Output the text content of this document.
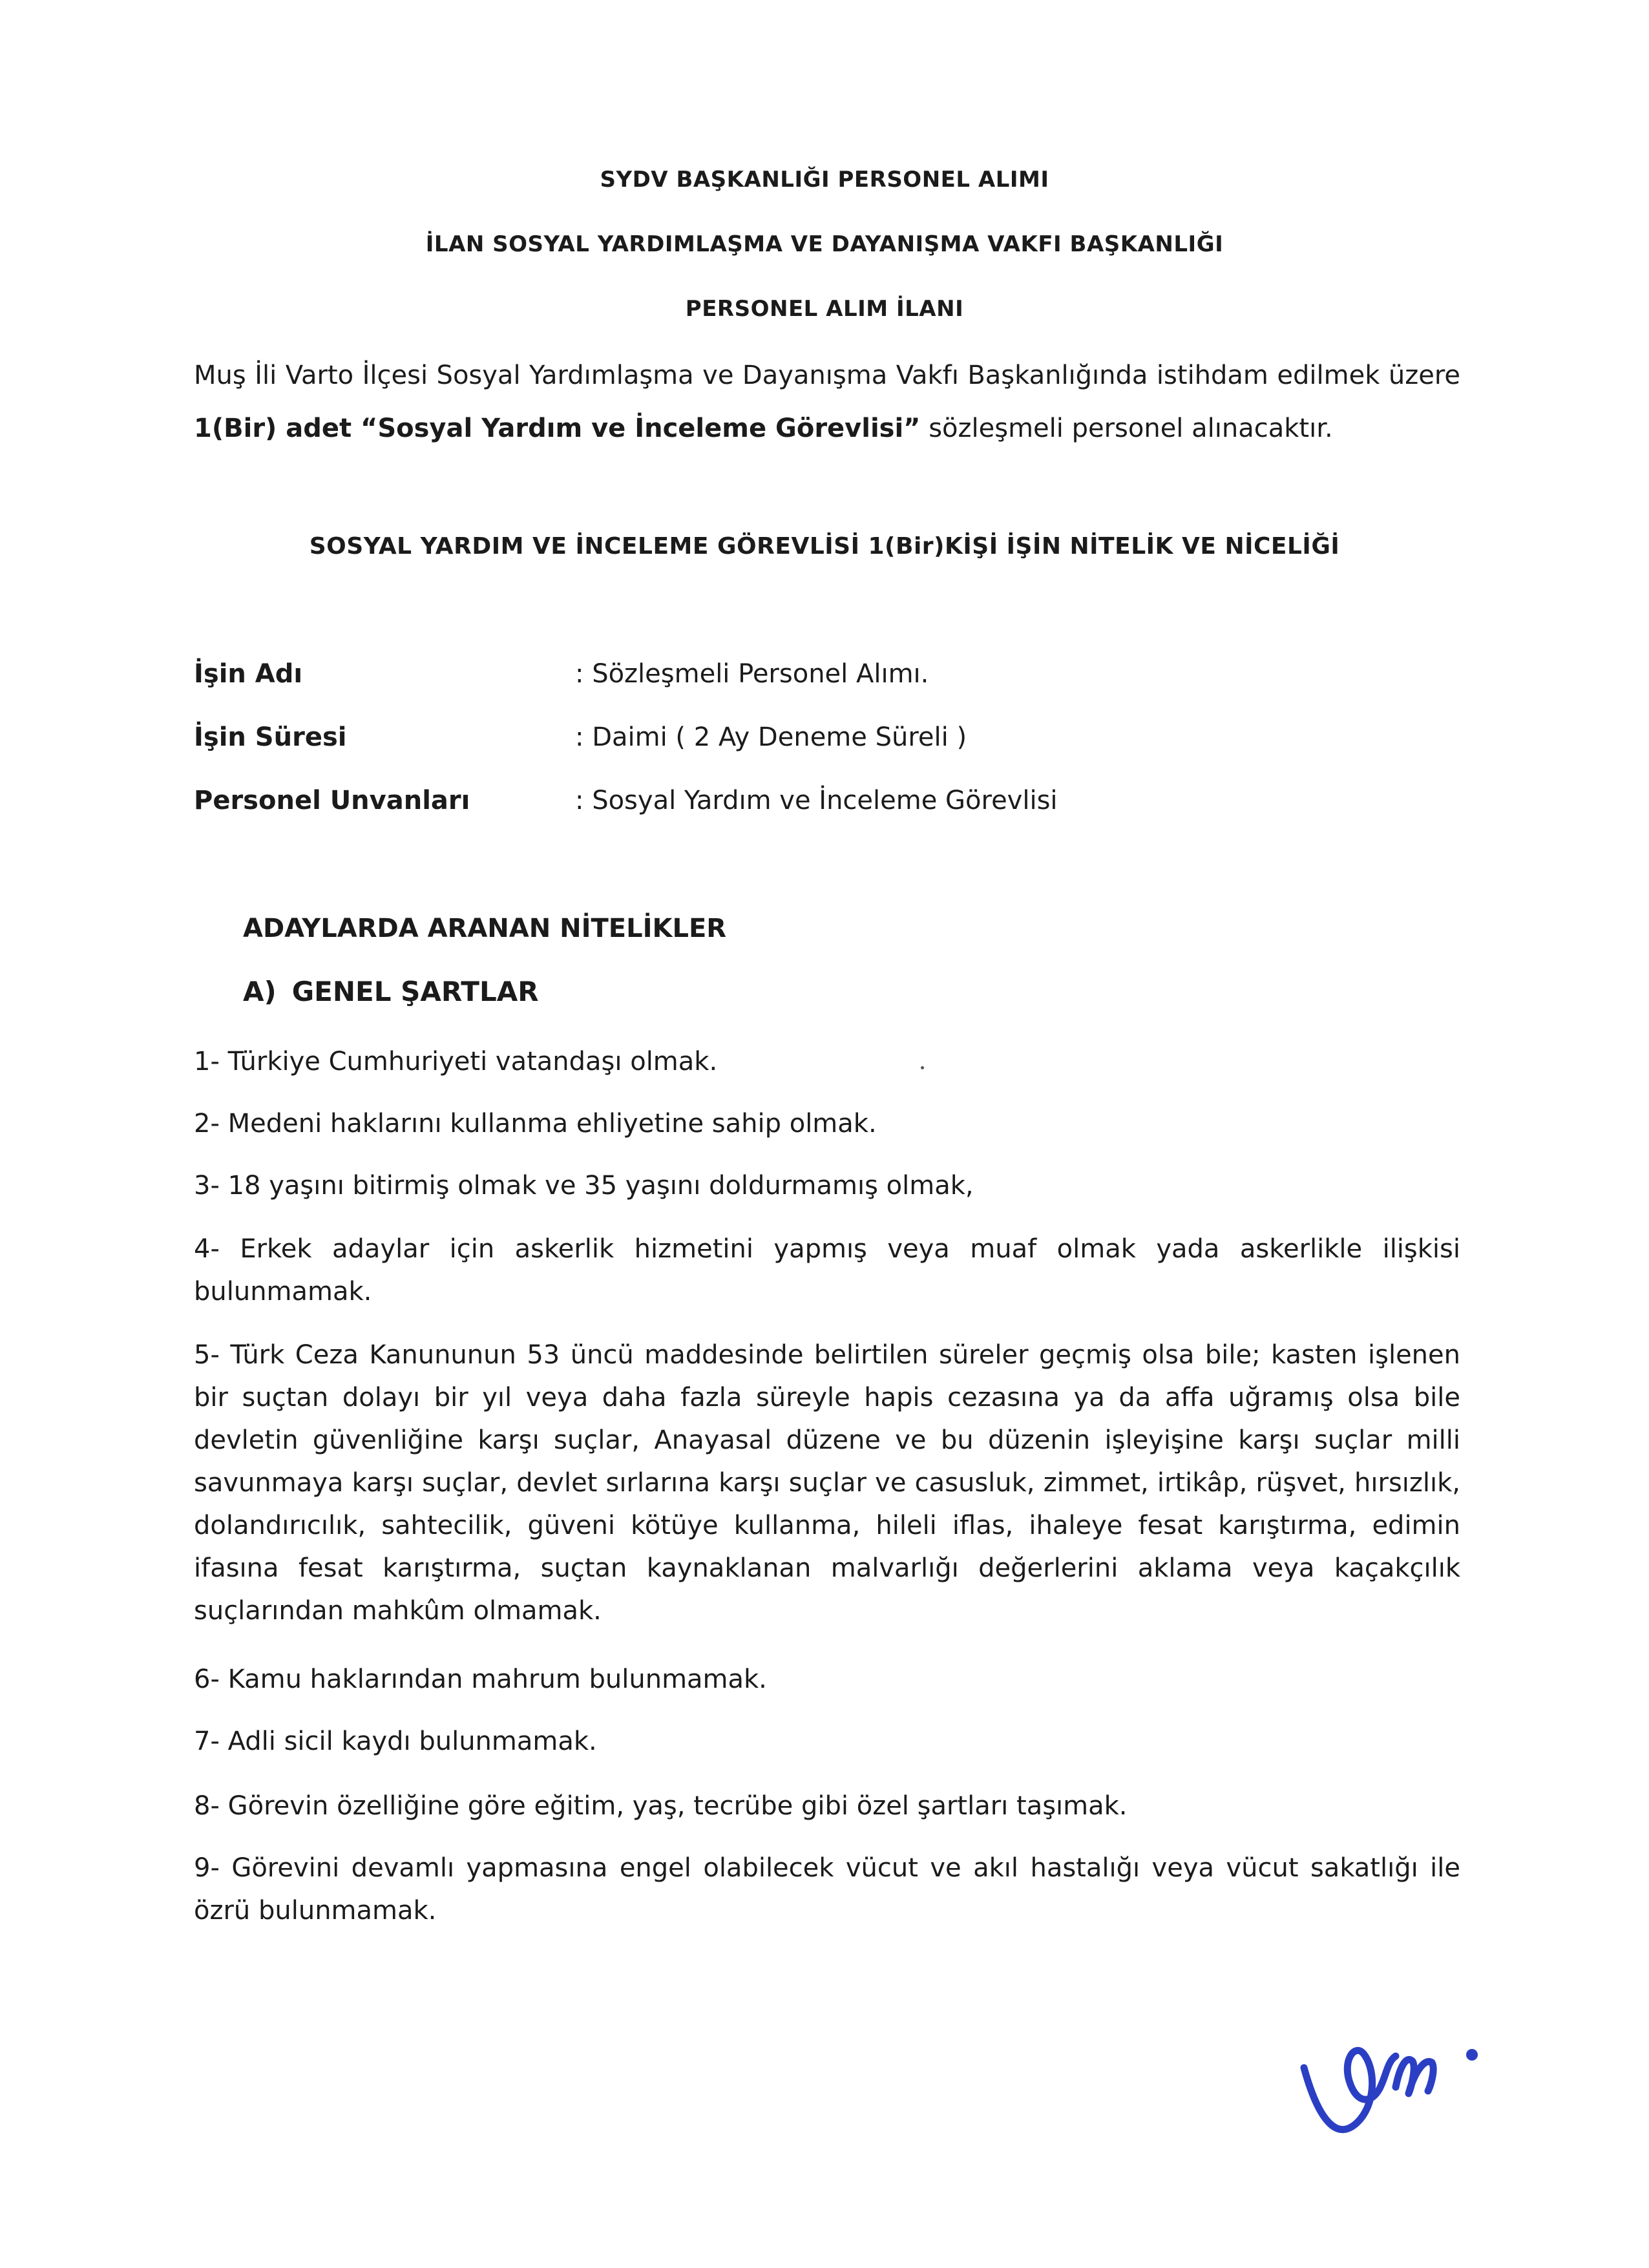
SYDV BAŞKANLIĞI PERSONEL ALIMI
İLAN SOSYAL YARDIMLAŞMA VE DAYANIŞMA VAKFI BAŞKANLIĞI
PERSONEL ALIM İLANI

Muş İli Varto İlçesi Sosyal Yardımlaşma ve Dayanışma Vakfı Başkanlığında istihdam edilmek üzere 1(Bir) adet “Sosyal Yardım ve İnceleme Görevlisi” sözleşmeli personel alınacaktır.

SOSYAL YARDIM VE İNCELEME GÖREVLİSİ 1(Bir)KİŞİ İŞİN NİTELİK VE NİCELİĞİ
İşin Adı	: Sözleşmeli Personel Alımı.
İşin Süresi	: Daimi ( 2 Ay Deneme Süreli )
Personel Unvanları	: Sosyal Yardım ve İnceleme Görevlisi
ADAYLARDA ARANAN NİTELİKLER
A) GENEL ŞARTLAR

1- Türkiye Cumhuriyeti vatandaşı olmak.

2- Medeni haklarını kullanma ehliyetine sahip olmak.

3- 18 yaşını bitirmiş olmak ve 35 yaşını doldurmamış olmak,

4- Erkek adaylar için askerlik hizmetini yapmış veya muaf olmak yada askerlikle ilişkisi bulunmamak.

5- Türk Ceza Kanununun 53 üncü maddesinde belirtilen süreler geçmiş olsa bile; kasten işlenen bir suçtan dolayı bir yıl veya daha fazla süreyle hapis cezasına ya da affa uğramış olsa bile devletin güvenliğine karşı suçlar, Anayasal düzene ve bu düzenin işleyişine karşı suçlar milli savunmaya karşı suçlar, devlet sırlarına karşı suçlar ve casusluk, zimmet, irtikâp, rüşvet, hırsızlık, dolandırıcılık, sahtecilik, güveni kötüye kullanma, hileli iflas, ihaleye fesat karıştırma, edimin ifasına fesat karıştırma, suçtan kaynaklanan malvarlığı değerlerini aklama veya kaçakçılık suçlarından mahkûm olmamak.

6- Kamu haklarından mahrum bulunmamak.

7- Adli sicil kaydı bulunmamak.

8- Görevin özelliğine göre eğitim, yaş, tecrübe gibi özel şartları taşımak.

9- Görevini devamlı yapmasına engel olabilecek vücut ve akıl hastalığı veya vücut sakatlığı ile özrü bulunmamak.
